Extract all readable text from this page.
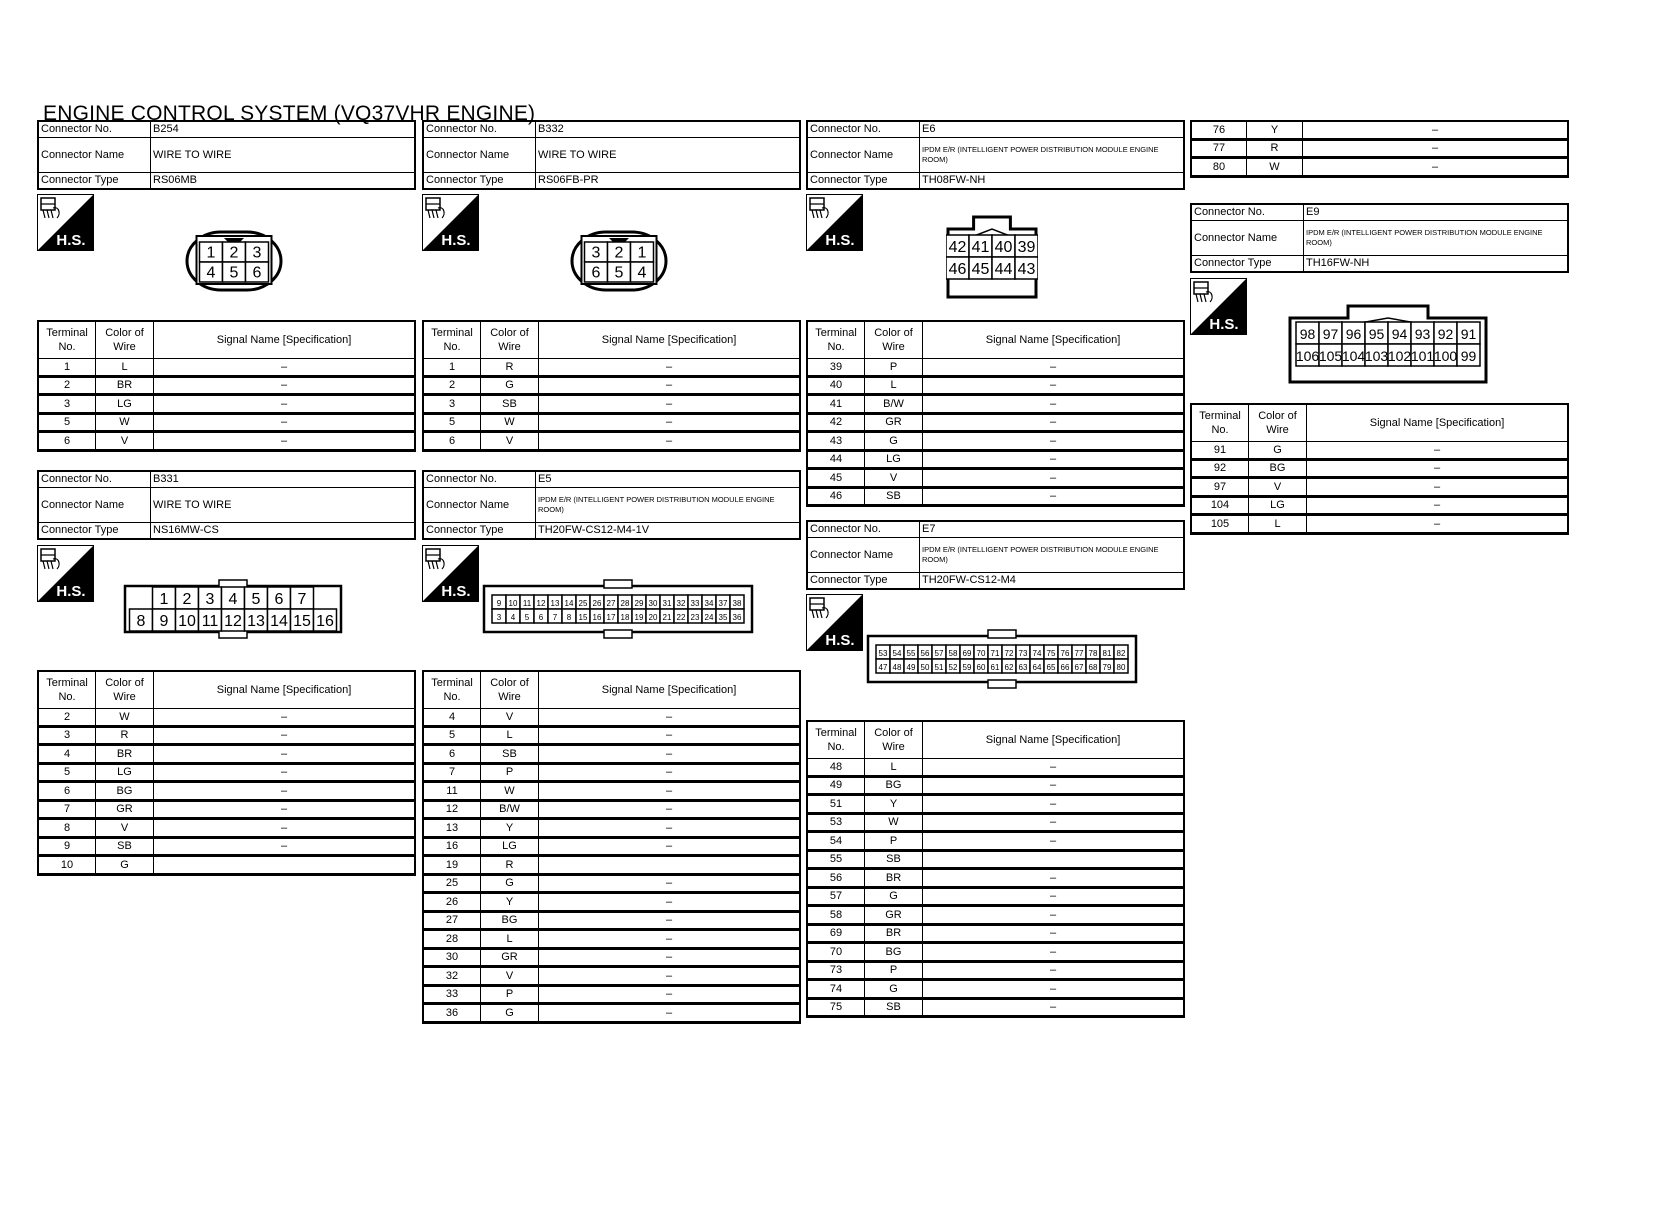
ENGINE CONTROL SYSTEM (VQ37VHR ENGINE)
Connector No.	B254
Connector Name	WIRE TO WIRE
Connector Type	RS06MB
H.S.
1 2 3
4 5 6
Terminal No.	Color of Wire	Signal Name [Specification]
1	L	–
2	BR	–
3	LG	–
5	W	–
6	V	–
Connector No.	B332
Connector Name	WIRE TO WIRE
Connector Type	RS06FB-PR
H.S.
3 2 1
6 5 4
Terminal No.	Color of Wire	Signal Name [Specification]
1	R	–
2	G	–
3	SB	–
5	W	–
6	V	–
Connector No.	E6
Connector Name	IPDM E/R (INTELLIGENT POWER DISTRIBUTION MODULE ENGINE ROOM)
Connector Type	TH08FW-NH
H.S.	42 41 40 39
46 45 44 43
Terminal No.	Color of Wire	Signal Name [Specification]
39	P	–
40	L	–
41	B/W	–
42	GR	–
43	G	–
44	LG	–
45	V	–
46	SB	–
76	Y	–
77	R	–
80	W	–
Connector No.	E9
Connector Name	IPDM E/R (INTELLIGENT POWER DISTRIBUTION MODULE ENGINE ROOM)
Connector Type	TH16FW-NH
H.S.
98 97 96 95 94 93 92 91
106 105 104 103 102 101 100 99
Terminal No.	Color of Wire	Signal Name [Specification]
91	G	–
92	BG	–
97	V	–
104	LG	–
105	L	–
Connector No.	B331
Connector Name	WIRE TO WIRE
Connector Type	NS16MW-CS
H.S.	1 2 3 4 5 6 7
8 9 10 11 12 13 14 15 16
Terminal No.	Color of Wire	Signal Name [Specification]
2	W	–
3	R	–
4	BR	–
5	LG	–
6	BG	–
7	GR	–
8	V	–
9	SB	–
10	G	
Connector No.	E5
Connector Name	IPDM E/R (INTELLIGENT POWER DISTRIBUTION MODULE ENGINE ROOM)
Connector Type	TH20FW-CS12-M4-1V
H.S.
9 10 11 12 13 14 25 26 27 28 29 30 31 32 33 34 37 38
3 4 5 6 7 8 15 16 17 18 19 20 21 22 23 24 35 36
Terminal No.	Color of Wire	Signal Name [Specification]
4	V	–
5	L	–
6	SB	–
7	P	–
11	W	–
12	B/W	–
13	Y	–
16	LG	–
19	R	
25	G	–
26	Y	–
27	BG	–
28	L	–
30	GR	–
32	V	–
33	P	–
36	G	–
Connector No.	E7
Connector Name	IPDM E/R (INTELLIGENT POWER DISTRIBUTION MODULE ENGINE ROOM)
Connector Type	TH20FW-CS12-M4
H.S.
53 54 55 56 57 58 69 70 71 72 73 74 75 76 77 78 81 82
47 48 49 50 51 52 59 60 61 62 63 64 65 66 67 68 79 80
Terminal No.	Color of Wire	Signal Name [Specification]
48	L	–
49	BG	–
51	Y	–
53	W	–
54	P	–
55	SB	
56	BR	–
57	G	–
58	GR	–
69	BR	–
70	BG	–
73	P	–
74	G	–
75	SB	–
